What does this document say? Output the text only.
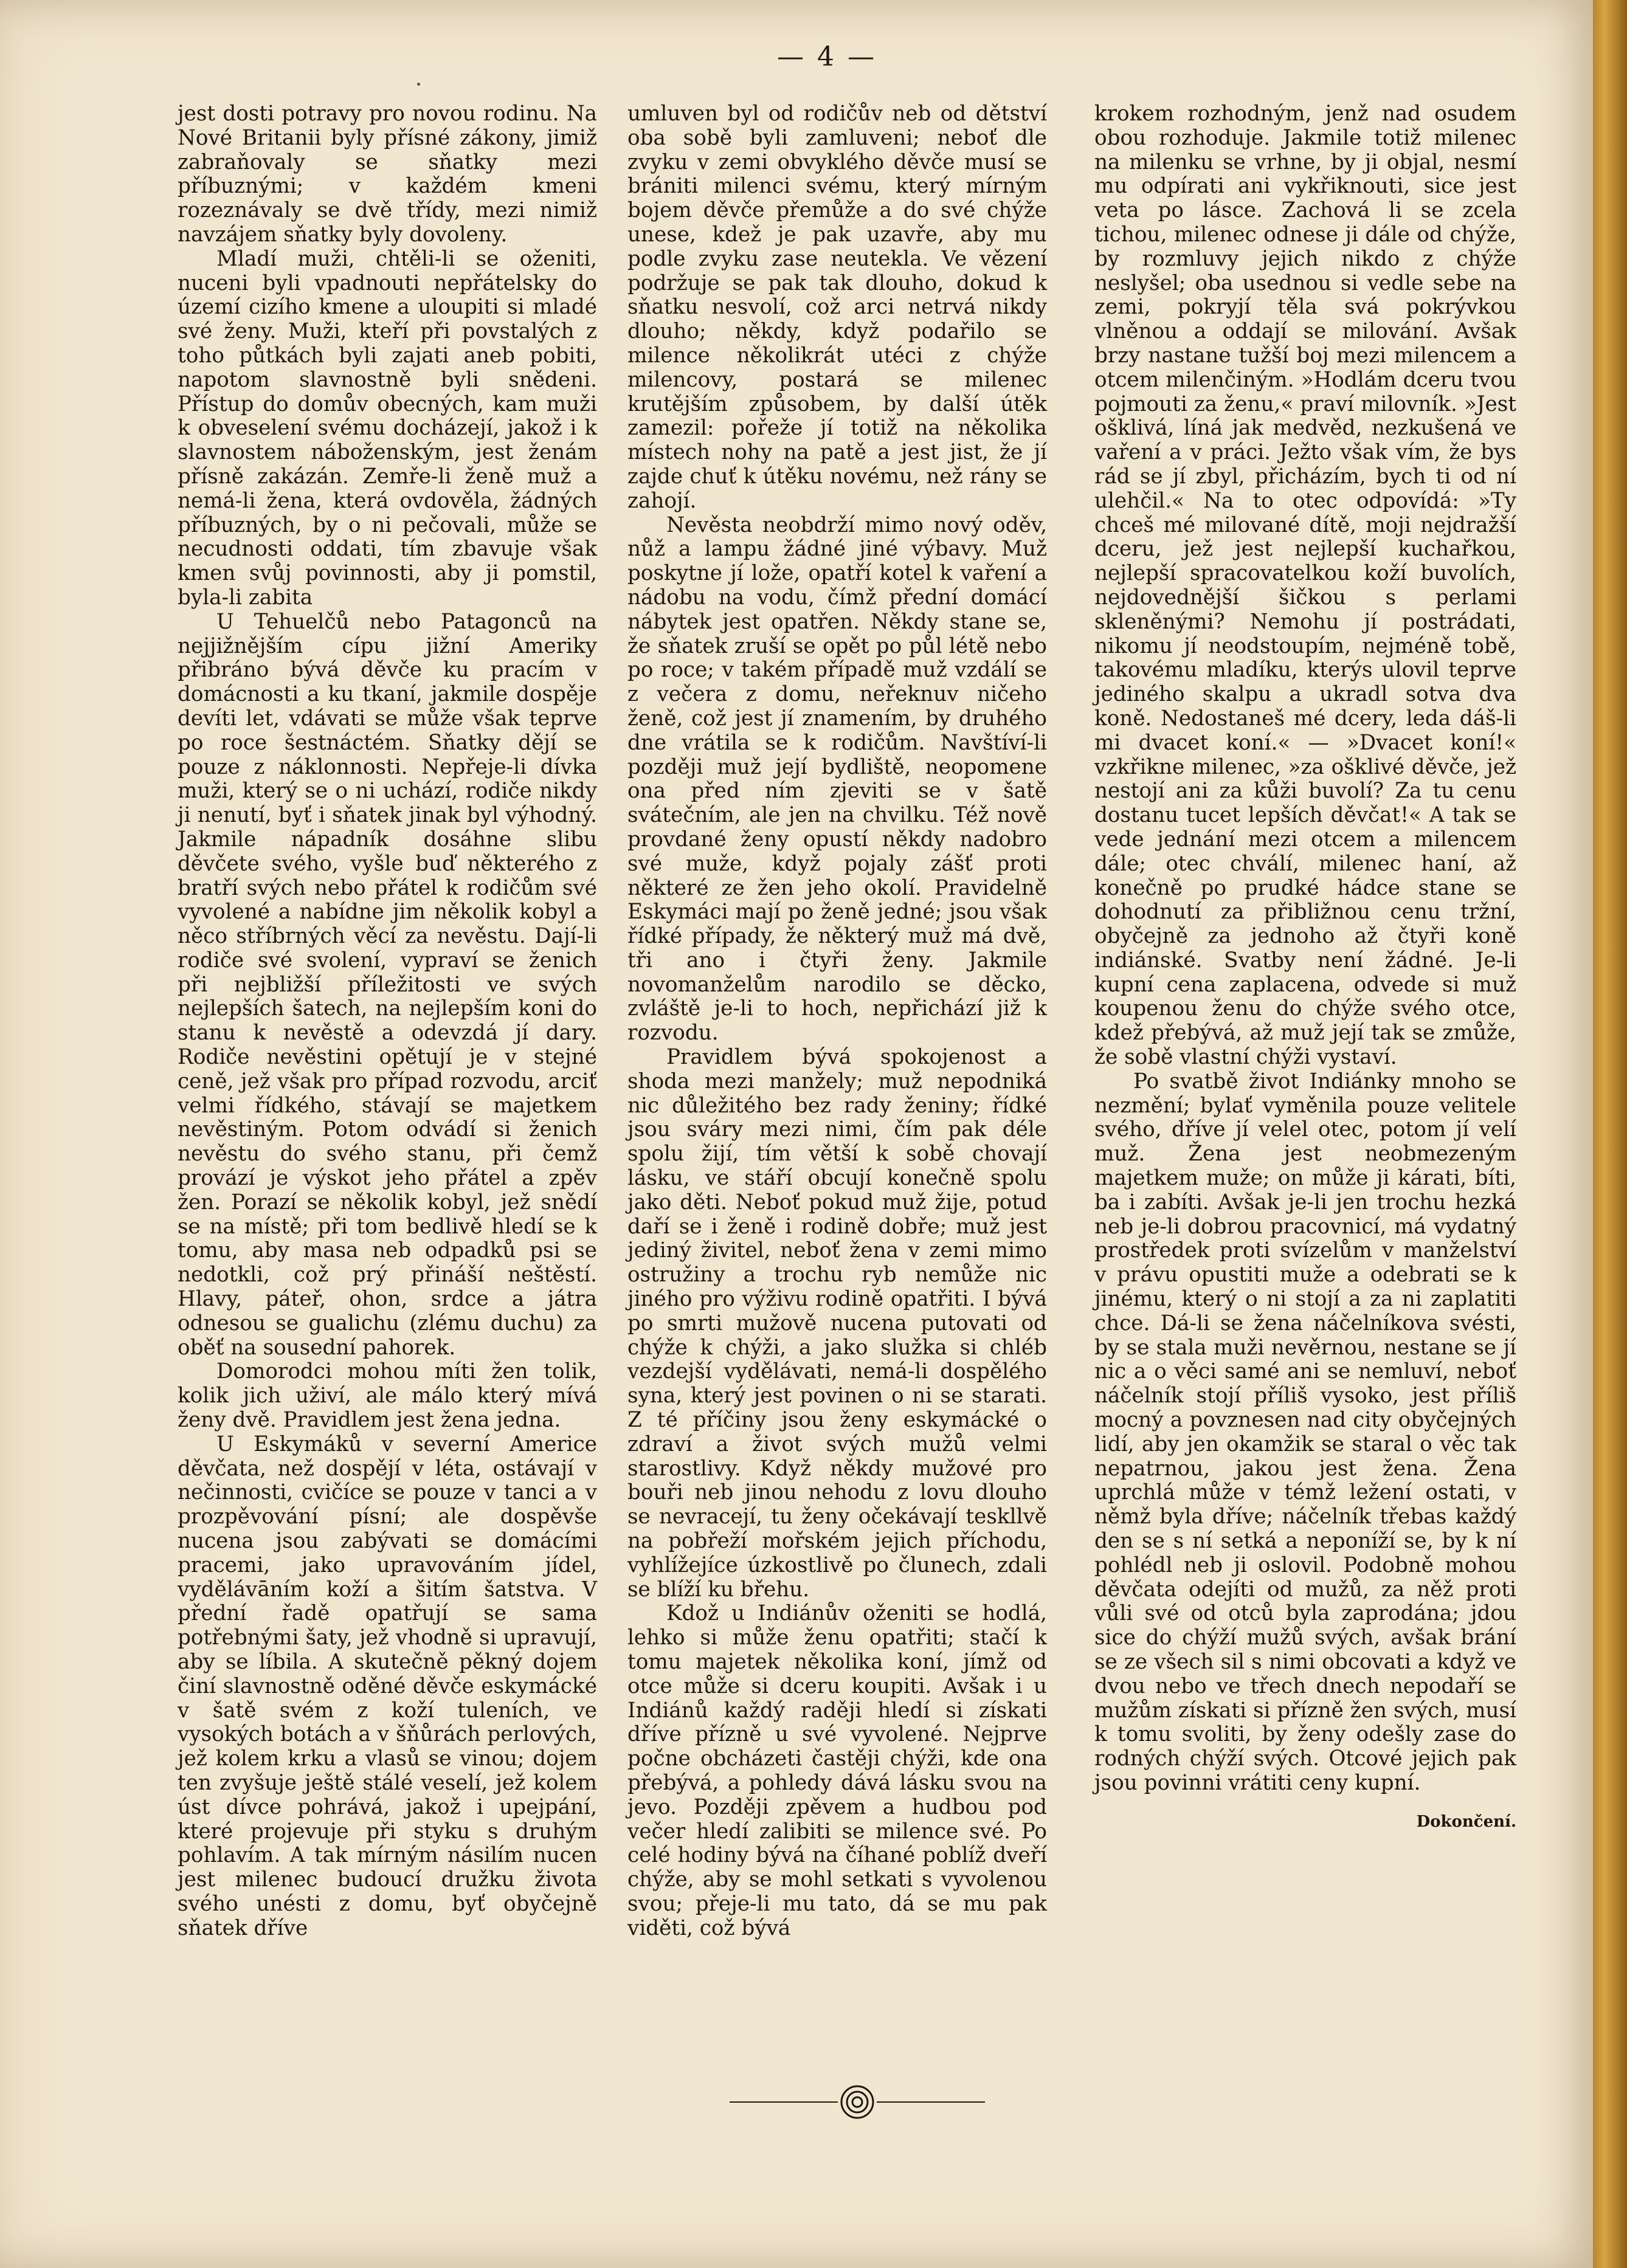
— 4 —

jest dosti potravy pro novou rodinu. Na Nové Britanii byly přísné zákony, jimiž zabraňovaly se sňatky mezi příbuznými; v každém kmeni rozeznávaly se dvě třídy, mezi nimiž navzájem sňatky byly dovoleny.

Mladí muži, chtěli-li se oženiti, nuceni byli vpadnouti nepřátelsky do území cizího kmene a uloupiti si mladé své ženy. Muži, kteří při povstalých z toho půtkách byli zajati aneb pobiti, napotom slavnostně byli snědeni. Přístup do domův obecných, kam muži k obveselení svému docházejí, jakož i k slavnostem náboženským, jest ženám přísně zakázán. Zemře-li ženě muž a nemá-li žena, která ovdověla, žádných příbuzných, by o ni pečovali, může se necudnosti oddati, tím zbavuje však kmen svůj povinnosti, aby ji pomstil, byla-li zabita

U Tehuelčů nebo Patagonců na nejjižnějším cípu jižní Ameriky přibráno bývá děvče ku pracím v domácnosti a ku tkaní, jakmile dospěje devíti let, vdávati se může však teprve po roce šestnáctém. Sňatky dějí se pouze z náklonnosti. Nepřeje-li dívka muži, který se o ni uchází, rodiče nikdy ji nenutí, byť i sňatek jinak byl výhodný. Jakmile nápadník dosáhne slibu děvčete svého, vyšle buď některého z bratří svých nebo přátel k rodičům své vyvolené a nabídne jim několik kobyl a něco stříbrných věcí za nevěstu. Dají-li rodiče své svolení, vypraví se ženich při nejbližší příležitosti ve svých nejlepších šatech, na nejlepším koni do stanu k nevěstě a odevzdá jí dary. Rodiče nevěstini opětují je v stejné ceně, jež však pro případ rozvodu, arciť velmi řídkého, stávají se majetkem nevěstiným. Potom odvádí si ženich nevěstu do svého stanu, při čemž provází je výskot jeho přátel a zpěv žen. Porazí se několik kobyl, jež snědí se na místě; při tom bedlivě hledí se k tomu, aby masa neb odpadků psi se nedotkli, což prý přináší neštěstí. Hlavy, páteř, ohon, srdce a játra odnesou se gualichu (zlému duchu) za oběť na sousední pahorek.

Domorodci mohou míti žen tolik, kolik jich uživí, ale málo který mívá ženy dvě. Pravidlem jest žena jedna.

U Eskymáků v severní Americe děvčata, než dospějí v léta, ostávají v nečinnosti, cvičíce se pouze v tanci a v prozpěvování písní; ale dospěvše nucena jsou zabývati se domácími pracemi, jako upravováním jídel, vydělávāním koží a šitím šatstva. V přední řadě opatřují se sama potřebnými šaty, jež vhodně si upravují, aby se líbila. A skutečně pěkný dojem činí slavnostně oděné děvče eskymácké v šatě svém z koží tuleních, ve vysokých botách a v šňůrách perlových, jež kolem krku a vlasů se vinou; dojem ten zvyšuje ještě stálé veselí, jež kolem úst dívce pohrává, jakož i upejpání, které projevuje při styku s druhým pohlavím. A tak mírným násilím nucen jest milenec budoucí družku života svého unésti z domu, byť obyčejně sňatek dříve

umluven byl od rodičův neb od dětství oba sobě byli zamluveni; neboť dle zvyku v zemi obvyklého děvče musí se brániti milenci svému, který mírným bojem děvče přemůže a do své chýže unese, kdež je pak uzavře, aby mu podle zvyku zase neutekla. Ve vězení podržuje se pak tak dlouho, dokud k sňatku nesvolí, což arci netrvá nikdy dlouho; někdy, když podařilo se milence několikrát utéci z chýže milencovy, postará se milenec krutějším způsobem, by další útěk zamezil: pořeže jí totiž na několika místech nohy na patě a jest jist, že jí zajde chuť k útěku novému, než rány se zahojí.

Nevěsta neobdrží mimo nový oděv, nůž a lampu žádné jiné výbavy. Muž poskytne jí lože, opatří kotel k vaření a nádobu na vodu, čímž přední domácí nábytek jest opatřen. Někdy stane se, že sňatek zruší se opět po půl létě nebo po roce; v takém případě muž vzdálí se z večera z domu, neřeknuv ničeho ženě, což jest jí znamením, by druhého dne vrátila se k rodičům. Navštíví-li později muž její bydliště, neopomene ona před ním zjeviti se v šatě svátečním, ale jen na chvilku. Též nově provdané ženy opustí někdy nadobro své muže, když pojaly zášť proti některé ze žen jeho okolí. Pravidelně Eskymáci mají po ženě jedné; jsou však řídké případy, že některý muž má dvě, tři ano i čtyři ženy. Jakmile novomanželům narodilo se děcko, zvláště je-li to hoch, nepřichází již k rozvodu.

Pravidlem bývá spokojenost a shoda mezi manžely; muž nepodniká nic důležitého bez rady ženiny; řídké jsou sváry mezi nimi, čím pak déle spolu žijí, tím větší k sobě chovají lásku, ve stáří obcují konečně spolu jako děti. Neboť pokud muž žije, potud daří se i ženě i rodině dobře; muž jest jediný živitel, neboť žena v zemi mimo ostružiny a trochu ryb nemůže nic jiného pro výživu rodině opatřiti. I bývá po smrti mužově nucena putovati od chýže k chýži, a jako služka si chléb vezdejší vydělávati, nemá-li dospělého syna, který jest povinen o ni se starati. Z té příčiny jsou ženy eskymácké o zdraví a život svých mužů velmi starostlivy. Když někdy mužové pro bouři neb jinou nehodu z lovu dlouho se nevracejí, tu ženy očekávají teskllvě na pobřeží mořském jejich příchodu, vyhlížejíce úzkostlivě po člunech, zdali se blíží ku břehu.

Kdož u Indiánův oženiti se hodlá, lehko si může ženu opatřiti; stačí k tomu majetek několika koní, jímž od otce může si dceru koupiti. Avšak i u Indiánů každý raději hledí si získati dříve přízně u své vyvolené. Nejprve počne obcházeti častěji chýži, kde ona přebývá, a pohledy dává lásku svou na jevo. Později zpěvem a hudbou pod večer hledí zalibiti se milence své. Po celé hodiny bývá na číhané poblíž dveří chýže, aby se mohl setkati s vyvolenou svou; přeje-li mu tato, dá se mu pak viděti, což bývá

krokem rozhodným, jenž nad osudem obou rozhoduje. Jakmile totiž milenec na milenku se vrhne, by ji objal, nesmí mu odpírati ani vykřiknouti, sice jest veta po lásce. Zachová li se zcela tichou, milenec odnese ji dále od chýže, by rozmluvy jejich nikdo z chýže neslyšel; oba usednou si vedle sebe na zemi, pokryjí těla svá pokrývkou vlněnou a oddají se milování. Avšak brzy nastane tužší boj mezi milencem a otcem milenčiným. »Hodlám dceru tvou pojmouti za ženu,« praví milovník. »Jest ošklivá, líná jak medvěd, nezkušená ve vaření a v práci. Ježto však vím, že bys rád se jí zbyl, přicházím, bych ti od ní ulehčil.« Na to otec odpovídá: »Ty chceš mé milované dítě, moji nejdražší dceru, jež jest nejlepší kuchařkou, nejlepší spracovatelkou koží buvolích, nejdovednější šičkou s perlami skleněnými? Nemohu jí postrádati, nikomu jí neodstoupím, nejméně tobě, takovému mladíku, kterýs ulovil teprve jediného skalpu a ukradl sotva dva koně. Nedostaneš mé dcery, leda dáš-li mi dvacet koní.« — »Dvacet koní!« vzkřikne milenec, »za ošklivé děvče, jež nestojí ani za kůži buvolí? Za tu cenu dostanu tucet lepších děvčat!« A tak se vede jednání mezi otcem a milencem dále; otec chválí, milenec haní, až konečně po prudké hádce stane se dohodnutí za přibližnou cenu tržní, obyčejně za jednoho až čtyři koně indiánské. Svatby není žádné. Je-li kupní cena zaplacena, odvede si muž koupenou ženu do chýže svého otce, kdež přebývá, až muž její tak se zmůže, že sobě vlastní chýži vystaví.

Po svatbě život Indiánky mnoho se nezmění; bylať vyměnila pouze velitele svého, dříve jí velel otec, potom jí velí muž. Žena jest neobmezeným majetkem muže; on může ji kárati, bíti, ba i zabíti. Avšak je-li jen trochu hezká neb je-li dobrou pracovnicí, má vydatný prostředek proti svízelům v manželství v právu opustiti muže a odebrati se k jinému, který o ni stojí a za ni zaplatiti chce. Dá-li se žena náčelníkova svésti, by se stala muži nevěrnou, nestane se jí nic a o věci samé ani se nemluví, neboť náčelník stojí příliš vysoko, jest příliš mocný a povznesen nad city obyčejných lidí, aby jen okamžik se staral o věc tak nepatrnou, jakou jest žena. Žena uprchlá může v témž ležení ostati, v němž byla dříve; náčelník třebas každý den se s ní setká a neponíží se, by k ní pohlédl neb ji oslovil. Podobně mohou děvčata odejíti od mužů, za něž proti vůli své od otců byla zaprodána; jdou sice do chýží mužů svých, avšak brání se ze všech sil s nimi obcovati a když ve dvou nebo ve třech dnech nepodaří se mužům získati si přízně žen svých, musí k tomu svoliti, by ženy odešly zase do rodných chýží svých. Otcové jejich pak jsou povinni vrátiti ceny kupní.

Dokončení.
